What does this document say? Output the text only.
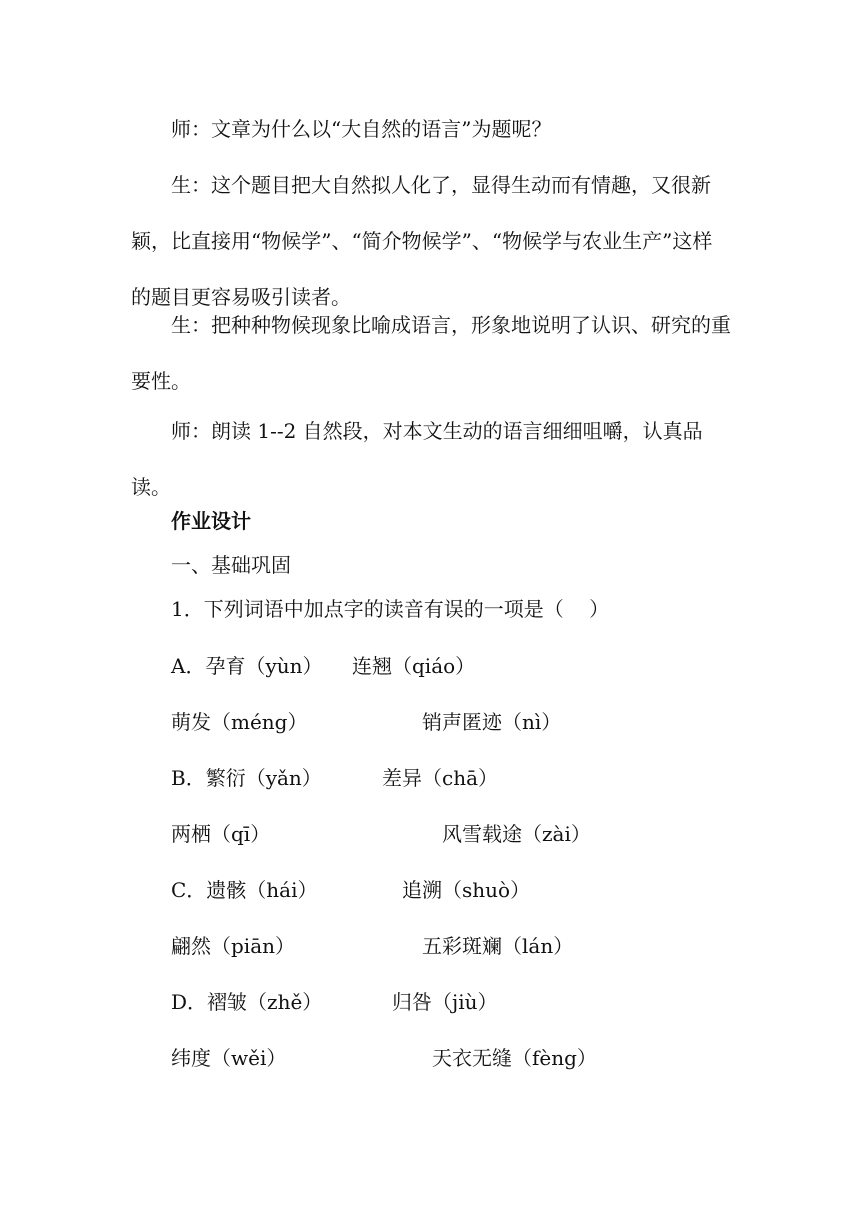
师：文章为什么以“大自然的语言”为题呢？

生：这个题目把大自然拟人化了，显得生动而有情趣，又很新颖，比直接用“物候学”、“简介物候学”、“物候学与农业生产”这样的题目更容易吸引读者。

生：把种种物候现象比喻成语言，形象地说明了认识、研究的重要性。

师：朗读 1--2 自然段，对本文生动的语言细细咀嚼，认真品读。

作业设计

一、基础巩固

1．下列词语中加点字的读音有误的一项是（    ）

A．孕育（yùn） 连翘（qiáo）
萌发（méng）	销声匿迹（nì）
B．繁衍（yǎn）	差异（chā）
两栖（qī）	风雪载途（zài）
C．遗骸（hái）	追溯（shuò）
翩然（piān）	五彩斑斓（lán）
D．褶皱（zhě）	归咎（jiù）
纬度（wěi）	天衣无缝（fèng）
